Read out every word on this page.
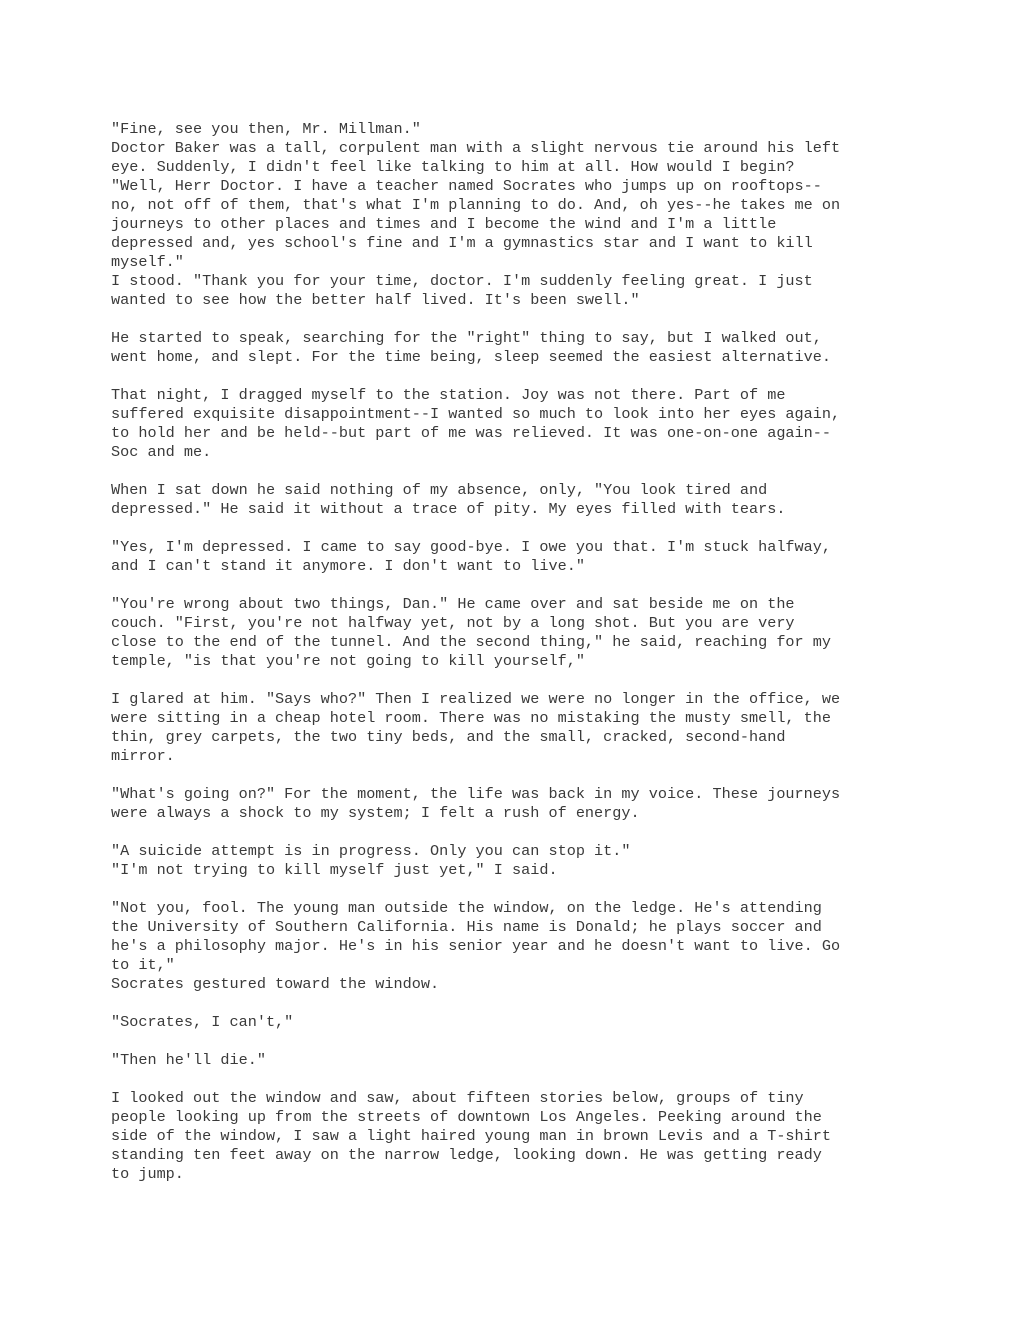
"Fine, see you then, Mr. Millman."
Doctor Baker was a tall, corpulent man with a slight nervous tie around his left
eye. Suddenly, I didn't feel like talking to him at all. How would I begin?
"Well, Herr Doctor. I have a teacher named Socrates who jumps up on rooftops--
no, not off of them, that's what I'm planning to do. And, oh yes--he takes me on
journeys to other places and times and I become the wind and I'm a little
depressed and, yes school's fine and I'm a gymnastics star and I want to kill
myself."
I stood. "Thank you for your time, doctor. I'm suddenly feeling great. I just
wanted to see how the better half lived. It's been swell."

He started to speak, searching for the "right" thing to say, but I walked out,
went home, and slept. For the time being, sleep seemed the easiest alternative.

That night, I dragged myself to the station. Joy was not there. Part of me
suffered exquisite disappointment--I wanted so much to look into her eyes again,
to hold her and be held--but part of me was relieved. It was one-on-one again--
Soc and me.

When I sat down he said nothing of my absence, only, "You look tired and
depressed." He said it without a trace of pity. My eyes filled with tears.

"Yes, I'm depressed. I came to say good-bye. I owe you that. I'm stuck halfway,
and I can't stand it anymore. I don't want to live."

"You're wrong about two things, Dan." He came over and sat beside me on the
couch. "First, you're not halfway yet, not by a long shot. But you are very
close to the end of the tunnel. And the second thing," he said, reaching for my
temple, "is that you're not going to kill yourself,"

I glared at him. "Says who?" Then I realized we were no longer in the office, we
were sitting in a cheap hotel room. There was no mistaking the musty smell, the
thin, grey carpets, the two tiny beds, and the small, cracked, second-hand
mirror.

"What's going on?" For the moment, the life was back in my voice. These journeys
were always a shock to my system; I felt a rush of energy.

"A suicide attempt is in progress. Only you can stop it."
"I'm not trying to kill myself just yet," I said.

"Not you, fool. The young man outside the window, on the ledge. He's attending
the University of Southern California. His name is Donald; he plays soccer and
he's a philosophy major. He's in his senior year and he doesn't want to live. Go
to it,"
Socrates gestured toward the window.

"Socrates, I can't,"

"Then he'll die."

I looked out the window and saw, about fifteen stories below, groups of tiny
people looking up from the streets of downtown Los Angeles. Peeking around the
side of the window, I saw a light haired young man in brown Levis and a T-shirt
standing ten feet away on the narrow ledge, looking down. He was getting ready
to jump.
